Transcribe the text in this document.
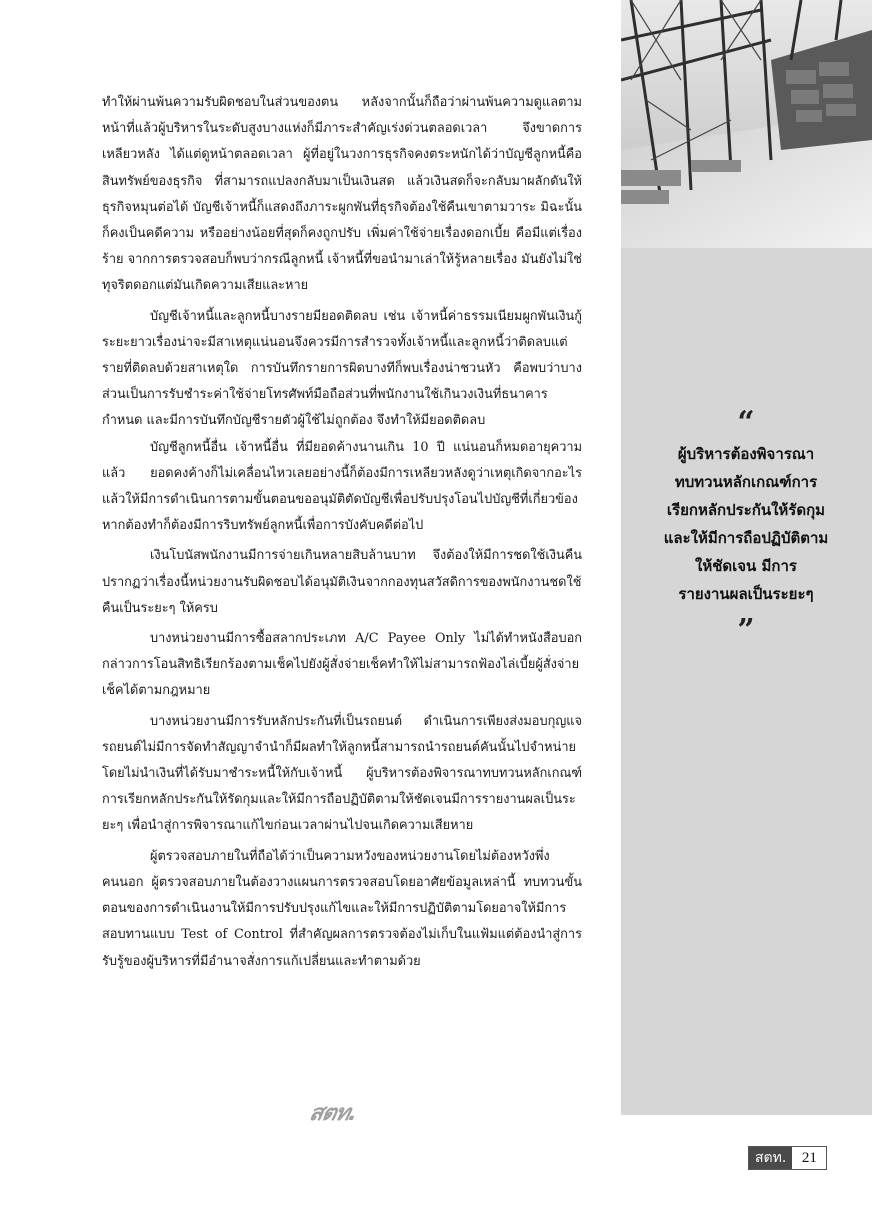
ทำให้ผ่านพ้นความรับผิดชอบในส่วนของตน หลังจากนั้นก็ถือว่าผ่านพ้นความดูแลตามหน้าที่แล้วผู้บริหารในระดับสูงบางแห่งก็มีภาระสำคัญเร่งด่วนตลอดเวลา จึงขาดการเหลียวหลัง ได้แต่ดูหน้าตลอดเวลา ผู้ที่อยู่ในวงการธุรกิจคงตระหนักได้ว่าบัญชีลูกหนี้คือสินทรัพย์ของธุรกิจ ที่สามารถแปลงกลับมาเป็นเงินสด แล้วเงินสดก็จะกลับมาผลักดันให้ธุรกิจหมุนต่อได้ บัญชีเจ้าหนี้ก็แสดงถึงภาระผูกพันที่ธุรกิจต้องใช้คืนเขาตามวาระ มิฉะนั้นก็คงเป็นคดีความ หรืออย่างน้อยที่สุดก็คงถูกปรับ เพิ่มค่าใช้จ่ายเรื่องดอกเบี้ย คือมีแต่เรื่องร้าย จากการตรวจสอบก็พบว่ากรณีลูกหนี้ เจ้าหนี้ที่ขอนำมาเล่าให้รู้หลายเรื่อง มันยังไม่ใช่ทุจริตดอกแต่มันเกิดความเสียและหาย

บัญชีเจ้าหนี้และลูกหนี้บางรายมียอดติดลบ เช่น เจ้าหนี้ค่าธรรมเนียมผูกพันเงินกู้ระยะยาวเรื่องน่าจะมีสาเหตุแน่นอนจึงควรมีการสำรวจทั้งเจ้าหนี้และลูกหนี้ว่าติดลบแต่รายที่ติดลบด้วยสาเหตุใด การบันทึกรายการผิดบางทีก็พบเรื่องน่าชวนหัว คือพบว่าบางส่วนเป็นการรับชำระค่าใช้จ่ายโทรศัพท์มือถือส่วนที่พนักงานใช้เกินวงเงินที่ธนาคารกำหนด และมีการบันทึกบัญชีรายตัวผู้ใช้ไม่ถูกต้อง จึงทำให้มียอดติดลบ

บัญชีลูกหนี้อื่น เจ้าหนี้อื่น ที่มียอดค้างนานเกิน 10 ปี แน่นอนก็หมดอายุความแล้ว ยอดคงค้างก็ไม่เคลื่อนไหวเลยอย่างนี้ก็ต้องมีการเหลียวหลังดูว่าเหตุเกิดจากอะไร แล้วให้มีการดำเนินการตามขั้นตอนขออนุมัติตัดบัญชีเพื่อปรับปรุงโอนไปบัญชีที่เกี่ยวข้อง หากต้องทำก็ต้องมีการริบทรัพย์ลูกหนี้เพื่อการบังคับคดีต่อไป

เงินโบนัสพนักงานมีการจ่ายเกินหลายสิบล้านบาท จึงต้องให้มีการชดใช้เงินคืน ปรากฏว่าเรื่องนี้หน่วยงานรับผิดชอบได้อนุมัติเงินจากกองทุนสวัสดิการของพนักงานชดใช้คืนเป็นระยะๆ ให้ครบ

บางหน่วยงานมีการซื้อสลากประเภท A/C Payee Only ไม่ได้ทำหนังสือบอกกล่าวการโอนสิทธิเรียกร้องตามเช็คไปยังผู้สั่งจ่ายเช็คทำให้ไม่สามารถฟ้องไล่เบี้ยผู้สั่งจ่ายเช็คได้ตามกฎหมาย

บางหน่วยงานมีการรับหลักประกันที่เป็นรถยนต์ ดำเนินการเพียงส่งมอบกุญแจรถยนต์ไม่มีการจัดทำสัญญาจำนำก็มีผลทำให้ลูกหนี้สามารถนำรถยนต์คันนั้นไปจำหน่าย โดยไม่นำเงินที่ได้รับมาชำระหนี้ให้กับเจ้าหนี้ ผู้บริหารต้องพิจารณาทบทวนหลักเกณฑ์การเรียกหลักประกันให้รัดกุมและให้มีการถือปฏิบัติตามให้ชัดเจนมีการรายงานผลเป็นระยะๆ เพื่อนำสู่การพิจารณาแก้ไขก่อนเวลาผ่านไปจนเกิดความเสียหาย

ผู้ตรวจสอบภายในที่ถือได้ว่าเป็นความหวังของหน่วยงานโดยไม่ต้องหวังพึ่งคนนอก ผู้ตรวจสอบภายในต้องวางแผนการตรวจสอบโดยอาศัยข้อมูลเหล่านี้ ทบทวนขั้นตอนของการดำเนินงานให้มีการปรับปรุงแก้ไขและให้มีการปฏิบัติตามโดยอาจให้มีการสอบทานแบบ Test of Control ที่สำคัญผลการตรวจต้องไม่เก็บในแฟ้มแต่ต้องนำสู่การรับรู้ของผู้บริหารที่มีอำนาจสั่งการแก้เปลี่ยนและทำตามด้วย

“
ผู้บริหารต้องพิจารณา
ทบทวนหลักเกณฑ์การ
เรียกหลักประกันให้รัดกุม
และให้มีการถือปฏิบัติตาม
ให้ชัดเจน มีการ
รายงานผลเป็นระยะๆ
”
สตท.
สตท.	21
